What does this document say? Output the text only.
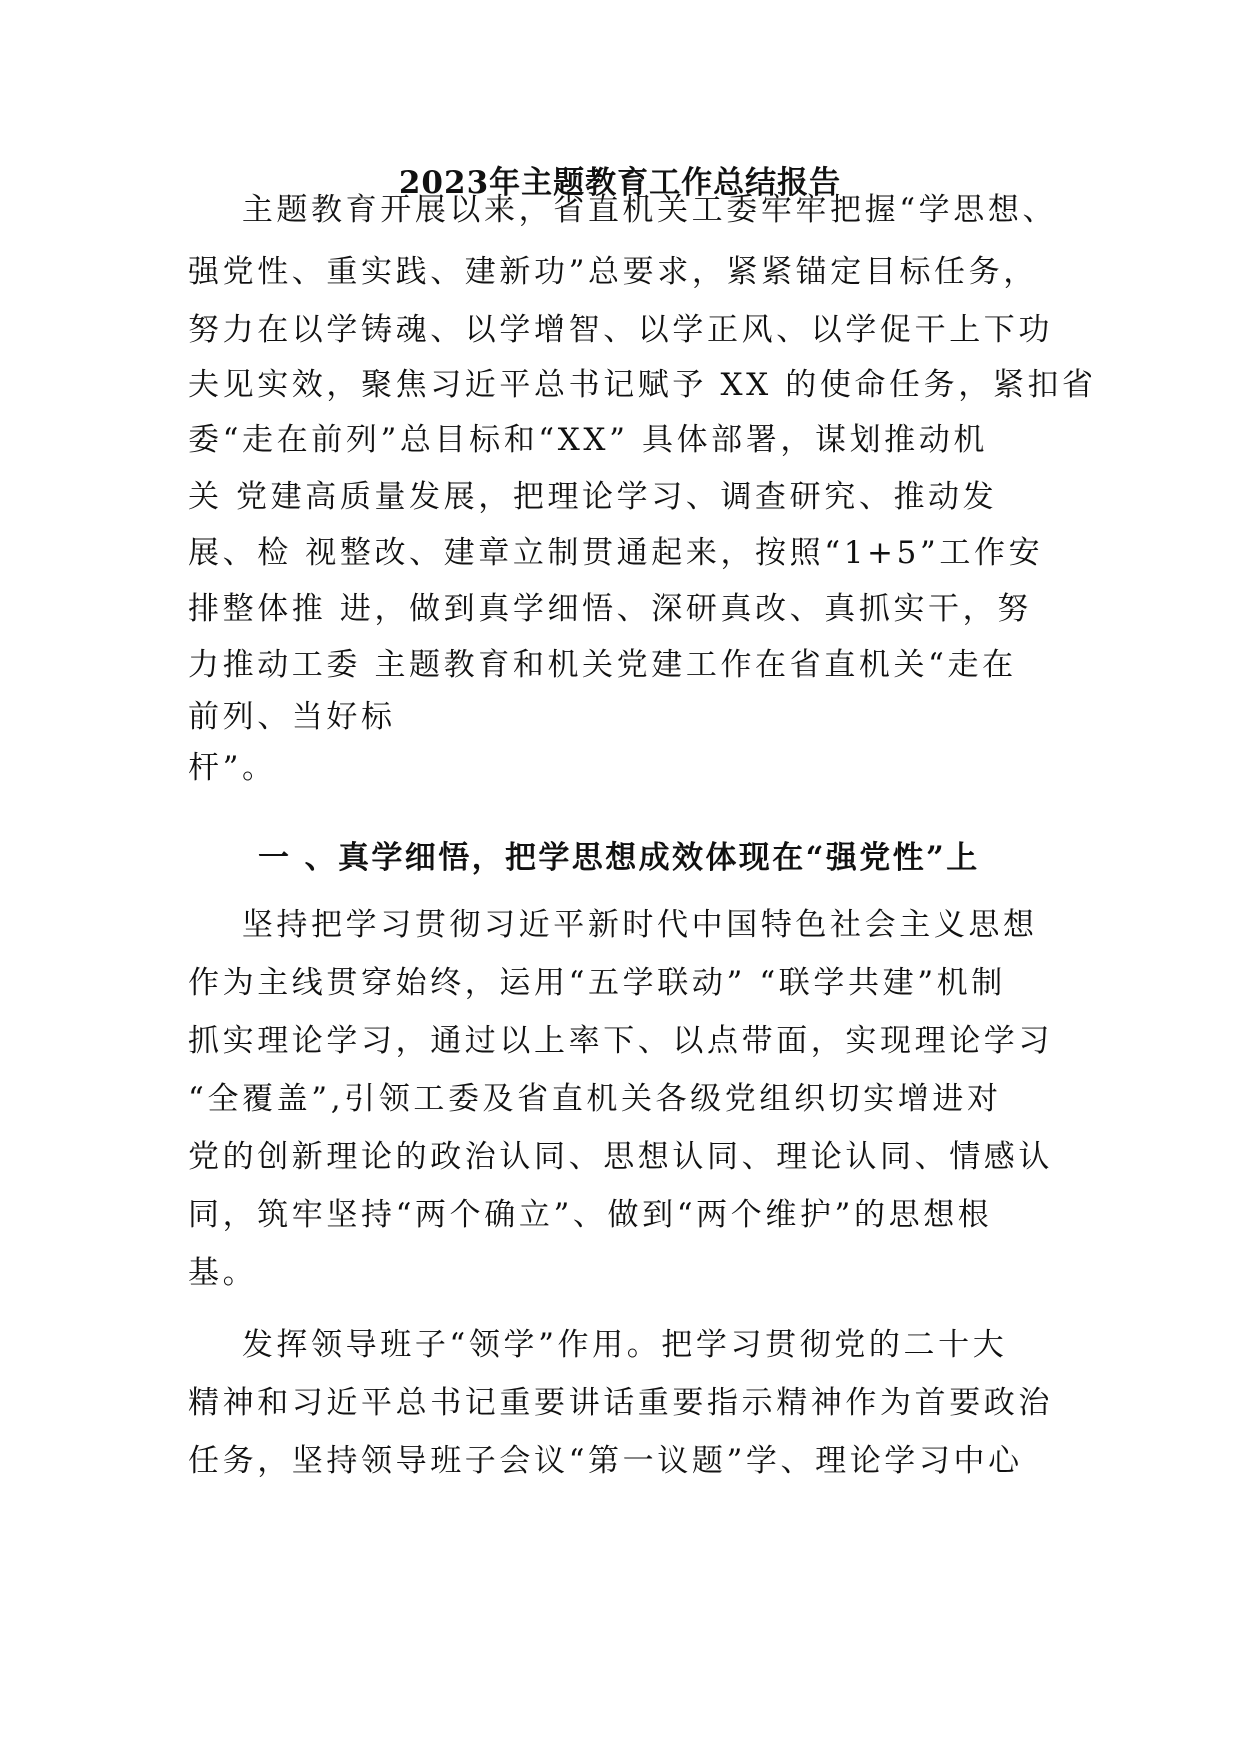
2023年主题教育工作总结报告
主题教育开展以来，省直机关工委牢牢把握“学思想、
强党性、重实践、建新功”总要求，紧紧锚定目标任务，
努力在以学铸魂、以学增智、以学正风、以学促干上下功
夫见实效，聚焦习近平总书记赋予 XX 的使命任务，紧扣省
委“走在前列”总目标和“XX” 具体部署，谋划推动机
关 党建高质量发展，把理论学习、调查研究、推动发
展、检 视整改、建章立制贯通起来，按照“1+5”工作安
排整体推 进，做到真学细悟、深研真改、真抓实干，努
力推动工委 主题教育和机关党建工作在省直机关“走在
前列、当好标
杆”。
一 、真学细悟，把学思想成效体现在“强党性”上
坚持把学习贯彻习近平新时代中国特色社会主义思想
作为主线贯穿始终，运用“五学联动” “联学共建”机制
抓实理论学习，通过以上率下、以点带面，实现理论学习
“全覆盖”,引领工委及省直机关各级党组织切实增进对
党的创新理论的政治认同、思想认同、理论认同、情感认
同，筑牢坚持“两个确立”、做到“两个维护”的思想根
基。
发挥领导班子“领学”作用。把学习贯彻党的二十大
精神和习近平总书记重要讲话重要指示精神作为首要政治
任务，坚持领导班子会议“第一议题”学、理论学习中心
